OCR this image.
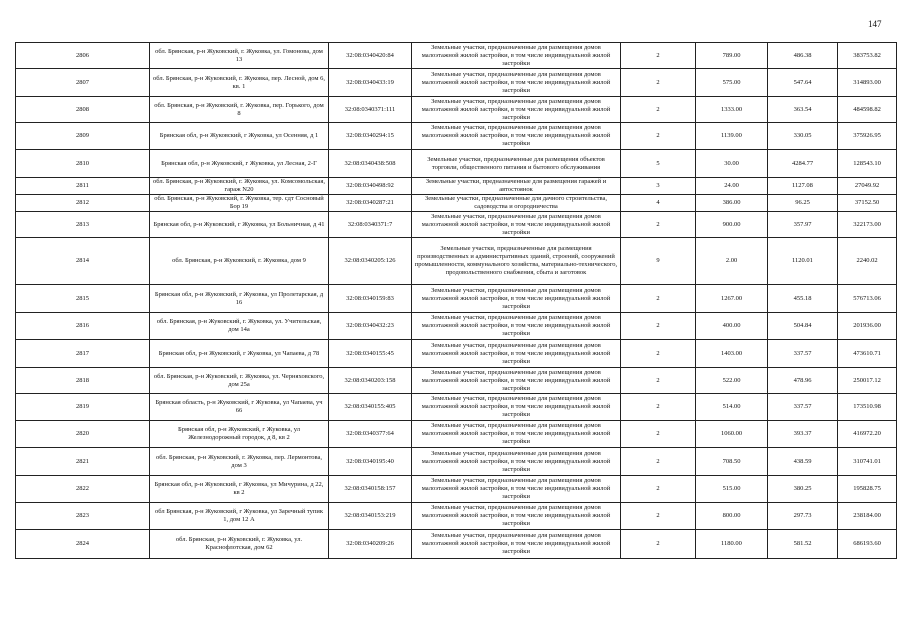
147
2806	обл. Брянская, р-н Жуковский, г. Жуковка, ул. Гомонова, дом 13	32:08:0340420:84	Земельные участки, предназначенные для размещения домов малоэтажной жилой застройки, в том числе индивидуальной жилой застройки	2	789.00	486.38	383753.82
2807	обл. Брянская, р-н Жуковский, г. Жуковка, пер. Лесной, дом 6, кв. 1	32:08:0340433:19	Земельные участки, предназначенные для размещения домов малоэтажной жилой застройки, в том числе индивидуальной жилой застройки	2	575.00	547.64	314893.00
2808	обл. Брянская, р-н Жуковский, г. Жуковка, пер. Горького, дом 8	32:08:0340371:111	Земельные участки, предназначенные для размещения домов малоэтажной жилой застройки, в том числе индивидуальной жилой застройки	2	1333.00	363.54	484598.82
2809	Брянская обл, р-н Жуковский, г Жуковка, ул Осенняя, д 1	32:08:0340294:15	Земельные участки, предназначенные для размещения домов малоэтажной жилой застройки, в том числе индивидуальной жилой застройки	2	1139.00	330.05	375926.95
2810	Брянская обл, р-н Жуковский, г Жуковка, ул Лесная, 2-Г	32:08:0340438:508	Земельные участки, предназначенные для размещения объектов торговли, общественного питания и бытового обслуживания	5	30.00	4284.77	128543.10
2811	обл. Брянская, р-н Жуковский, г. Жуковка, ул. Комсомольская, гараж N20	32:08:0340498:92	Земельные участки, предназначенные для размещения гаражей и автостоянок	3	24.00	1127.08	27049.92
2812	обл. Брянская, р-н Жуковский, г. Жуковка, тер. сдт Сосновый Бор 19	32:08:0340287:21	Земельные участки, предназначенные для дачного строительства, садоводства и огородничества	4	386.00	96.25	37152.50
2813	Брянская обл, р-н Жуковский, г Жуковка, ул Больничная, д 41	32:08:0340371:7	Земельные участки, предназначенные для размещения домов малоэтажной жилой застройки, в том числе индивидуальной жилой застройки	2	900.00	357.97	322173.00
2814	обл. Брянская, р-н Жуковский, г. Жуковка, дом 9	32:08:0340205:126	Земельные участки, предназначенные для размещения производственных и административных зданий, строений, сооружений промышленности, коммунального хозяйства, материально-технического, продовольственного снабжения, сбыта и заготовок	9	2.00	1120.01	2240.02
2815	Брянская обл, р-н Жуковский, г Жуковка, ул Пролетарская, д 16	32:08:0340159:83	Земельные участки, предназначенные для размещения домов малоэтажной жилой застройки, в том числе индивидуальной жилой застройки	2	1267.00	455.18	576713.06
2816	обл. Брянская, р-н Жуковский, г. Жуковка, ул. Учительская, дом 14а	32:08:0340432:23	Земельные участки, предназначенные для размещения домов малоэтажной жилой застройки, в том числе индивидуальной жилой застройки	2	400.00	504.84	201936.00
2817	Брянская обл, р-н Жуковский, г Жуковка, ул Чапаева, д 78	32:08:0340155:45	Земельные участки, предназначенные для размещения домов малоэтажной жилой застройки, в том числе индивидуальной жилой застройки	2	1403.00	337.57	473610.71
2818	обл. Брянская, р-н Жуковский, г. Жуковка, ул. Черняховского, дом 25а	32:08:0340203:158	Земельные участки, предназначенные для размещения домов малоэтажной жилой застройки, в том числе индивидуальной жилой застройки	2	522.00	478.96	250017.12
2819	Брянская область, р-н Жуковский, г Жуковка, ул Чапаева, уч 66	32:08:0340155:405	Земельные участки, предназначенные для размещения домов малоэтажной жилой застройки, в том числе индивидуальной жилой застройки	2	514.00	337.57	173510.98
2820	Брянская обл, р-н Жуковский, г Жуковка, ул Железнодорожный городок, д 8, кв 2	32:08:0340377:64	Земельные участки, предназначенные для размещения домов малоэтажной жилой застройки, в том числе индивидуальной жилой застройки	2	1060.00	393.37	416972.20
2821	обл. Брянская, р-н Жуковский, г. Жуковка, пер. Лермонтова, дом 3	32:08:0340195:40	Земельные участки, предназначенные для размещения домов малоэтажной жилой застройки, в том числе индивидуальной жилой застройки	2	708.50	438.59	310741.01
2822	Брянская обл, р-н Жуковский, г Жуковка, ул Мичурина, д 22, кв 2	32:08:0340158:157	Земельные участки, предназначенные для размещения домов малоэтажной жилой застройки, в том числе индивидуальной жилой застройки	2	515.00	380.25	195828.75
2823	обл Брянская, р-н Жуковский, г Жуковка, ул Заречный тупик 1, дом 12 А	32:08:0340153:219	Земельные участки, предназначенные для размещения домов малоэтажной жилой застройки, в том числе индивидуальной жилой застройки	2	800.00	297.73	238184.00
2824	обл. Брянская, р-н Жуковский, г. Жуковка, ул. Краснофлотская, дом 62	32:08:0340209:26	Земельные участки, предназначенные для размещения домов малоэтажной жилой застройки, в том числе индивидуальной жилой застройки	2	1180.00	581.52	686193.60
